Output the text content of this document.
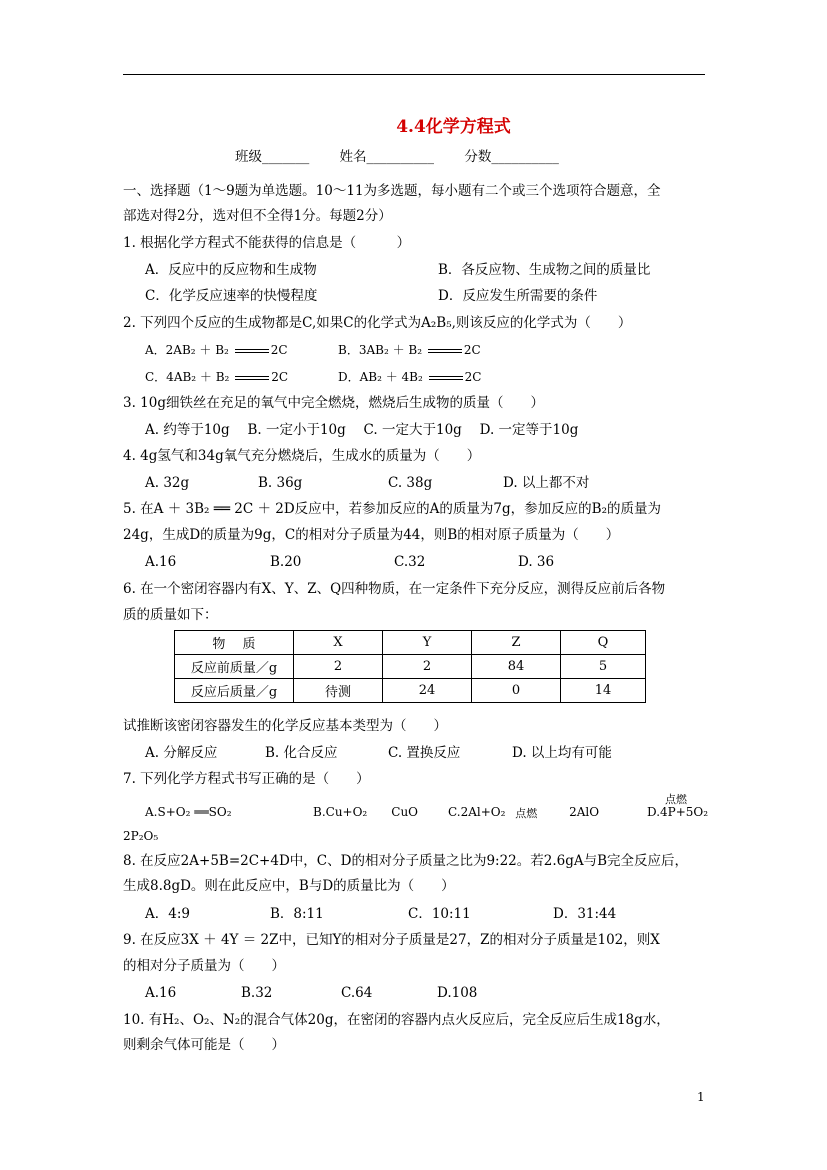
4.4化学方程式
班级_______ 姓名__________ 分数__________
一、选择题（1～9题为单选题。10～11为多选题，每小题有二个或三个选项符合题意，全
部选对得2分，选对但不全得1分。每题2分）
1. 根据化学方程式不能获得的信息是（　　　）
A．反应中的反应物和生成物	B．各反应物、生成物之间的质量比
C．化学反应速率的快慢程度	D．反应发生所需要的条件
2. 下列四个反应的生成物都是C,如果C的化学式为A₂B₅,则该反应的化学式为（　　）
A．2AB₂ ＋ B₂	2C	B．3AB₂ ＋ B₂	2C
C．4AB₂ ＋ B₂	2C	D．AB₂ ＋ 4B₂	2C
3. 10g细铁丝在充足的氧气中完全燃烧，燃烧后生成物的质量（　　）
A. 约等于10g　 B. 一定小于10g　 C. 一定大于10g　 D. 一定等于10g
4. 4g氢气和34g氧气充分燃烧后，生成水的质量为（　　）
A. 32g	B. 36g	C. 38g	D. 以上都不对
5. 在A ＋ 3B₂ ══ 2C ＋ 2D反应中，若参加反应的A的质量为7g，参加反应的B₂的质量为
24g，生成D的质量为9g，C的相对分子质量为44，则B的相对原子质量为（　　）
A.16	B.20	C.32	D. 36
6. 在一个密闭容器内有X、Y、Z、Q四种物质，在一定条件下充分反应，测得反应前后各物
质的质量如下：
物　 质	X	Y	Z	Q
反应前质量／g	2	2	84	5
反应后质量／g	待测	24	0	14
试推断该密闭容器发生的化学反应基本类型为（　　）
A. 分解反应	B. 化合反应	C. 置换反应	D. 以上均有可能
7. 下列化学方程式书写正确的是（　　）
A.S+O₂ ══SO₂	B.Cu+O₂　　 CuO C.2Al+O₂ 点燃	2AlO
点燃
D.4P+5O₂
2P₂O₅
8. 在反应2A+5B=2C+4D中，C、D的相对分子质量之比为9:22。若2.6gA与B完全反应后，
生成8.8gD。则在此反应中，B与D的质量比为（　　）
A．4:9	B．8:11	C．10:11	D．31:44
9. 在反应3X ＋ 4Y ＝ 2Z中，已知Y的相对分子质量是27，Z的相对分子质量是102，则X
的相对分子质量为（　　）
A.16	B.32	C.64	D.108
10. 有H₂、O₂、N₂的混合气体20g，在密闭的容器内点火反应后，完全反应后生成18g水，
则剩余气体可能是（　　）
1
